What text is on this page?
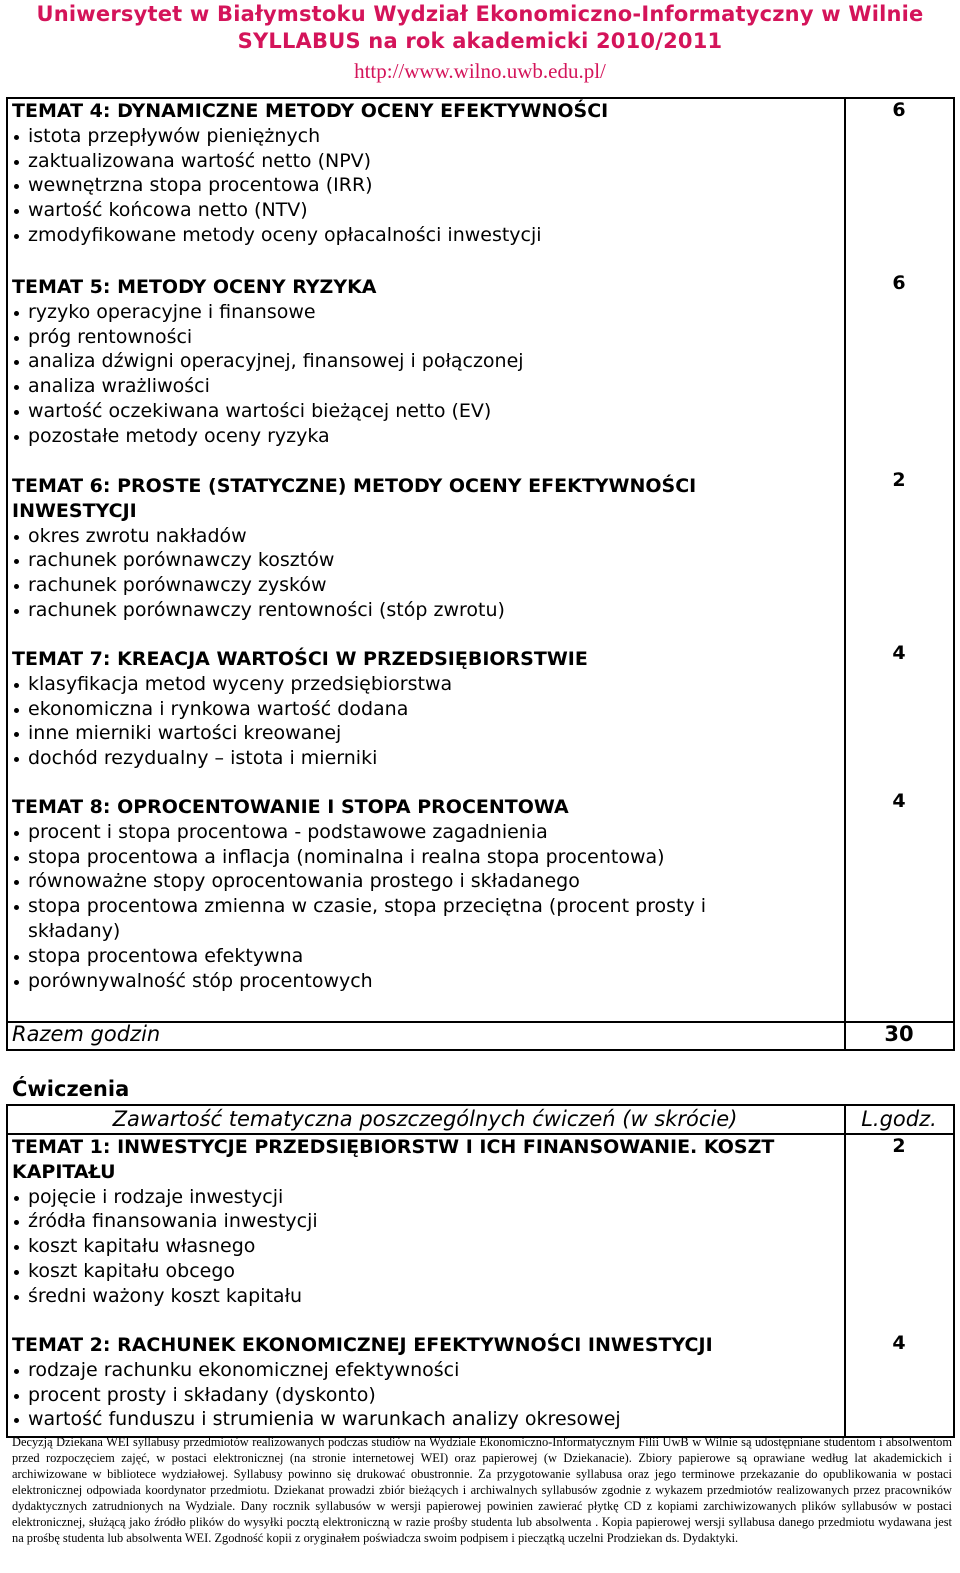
Uniwersytet w Białymstoku Wydział Ekonomiczno-Informatyczny w Wilnie
SYLLABUS na rok akademicki 2010/2011
http://www.wilno.uwb.edu.pl/
Razem godzin	30
TEMAT 4: DYNAMICZNE METODY OCENY EFEKTYWNOŚCI
istota przepływów pieniężnych
zaktualizowana wartość netto (NPV)
wewnętrzna stopa procentowa (IRR)
wartość końcowa netto (NTV)
zmodyfikowane metody oceny opłacalności inwestycji
6
TEMAT 5: METODY OCENY RYZYKA
ryzyko operacyjne i finansowe
próg rentowności
analiza dźwigni operacyjnej, finansowej i połączonej
analiza wrażliwości
wartość oczekiwana wartości bieżącej netto (EV)
pozostałe metody oceny ryzyka
6
TEMAT 6: PROSTE (STATYCZNE) METODY OCENY EFEKTYWNOŚCI INWESTYCJI
okres zwrotu nakładów
rachunek porównawczy kosztów
rachunek porównawczy zysków
rachunek porównawczy rentowności (stóp zwrotu)
2
TEMAT 7: KREACJA WARTOŚCI W PRZEDSIĘBIORSTWIE
klasyfikacja metod wyceny przedsiębiorstwa
ekonomiczna i rynkowa wartość dodana
inne mierniki wartości kreowanej
dochód rezydualny – istota i mierniki
4
TEMAT 8: OPROCENTOWANIE I STOPA PROCENTOWA
procent i stopa procentowa - podstawowe zagadnienia
stopa procentowa a inflacja (nominalna i realna stopa procentowa)
równoważne stopy oprocentowania prostego i składanego
stopa procentowa zmienna w czasie, stopa przeciętna (procent prosty i składany)
stopa procentowa efektywna
porównywalność stóp procentowych
4
Ćwiczenia
Zawartość tematyczna poszczególnych ćwiczeń (w skrócie)	L.godz.
TEMAT 1: INWESTYCJE PRZEDSIĘBIORSTW I ICH FINANSOWANIE. KOSZT KAPITAŁU
pojęcie i rodzaje inwestycji
źródła finansowania inwestycji
koszt kapitału własnego
koszt kapitału obcego
średni ważony koszt kapitału
2
TEMAT 2: RACHUNEK EKONOMICZNEJ EFEKTYWNOŚCI INWESTYCJI
rodzaje rachunku ekonomicznej efektywności
procent prosty i składany (dyskonto)
wartość funduszu i strumienia w warunkach analizy okresowej
4
Decyzją Dziekana WEI syllabusy przedmiotów realizowanych podczas studiów na Wydziale Ekonomiczno-Informatycznym Filii UwB w Wilnie są udostępniane studentom i absolwentom przed rozpoczęciem zajęć, w postaci elektronicznej (na stronie internetowej WEI) oraz papierowej (w Dziekanacie). Zbiory papierowe są oprawiane według lat akademickich i archiwizowane w bibliotece wydziałowej. Syllabusy powinno się drukować obustronnie. Za przygotowanie syllabusa oraz jego terminowe przekazanie do opublikowania w postaci elektronicznej odpowiada koordynator przedmiotu. Dziekanat prowadzi zbiór bieżących i archiwalnych syllabusów zgodnie z wykazem przedmiotów realizowanych przez pracowników dydaktycznych zatrudnionych na Wydziale. Dany rocznik syllabusów w wersji papierowej powinien zawierać płytkę CD z kopiami zarchiwizowanych plików syllabusów w postaci elektronicznej, służącą jako źródło plików do wysyłki pocztą elektroniczną w razie prośby studenta lub absolwenta . Kopia papierowej wersji syllabusa danego przedmiotu wydawana jest na prośbę studenta lub absolwenta WEI. Zgodność kopii z oryginałem poświadcza swoim podpisem i pieczątką uczelni Prodziekan ds. Dydaktyki.
